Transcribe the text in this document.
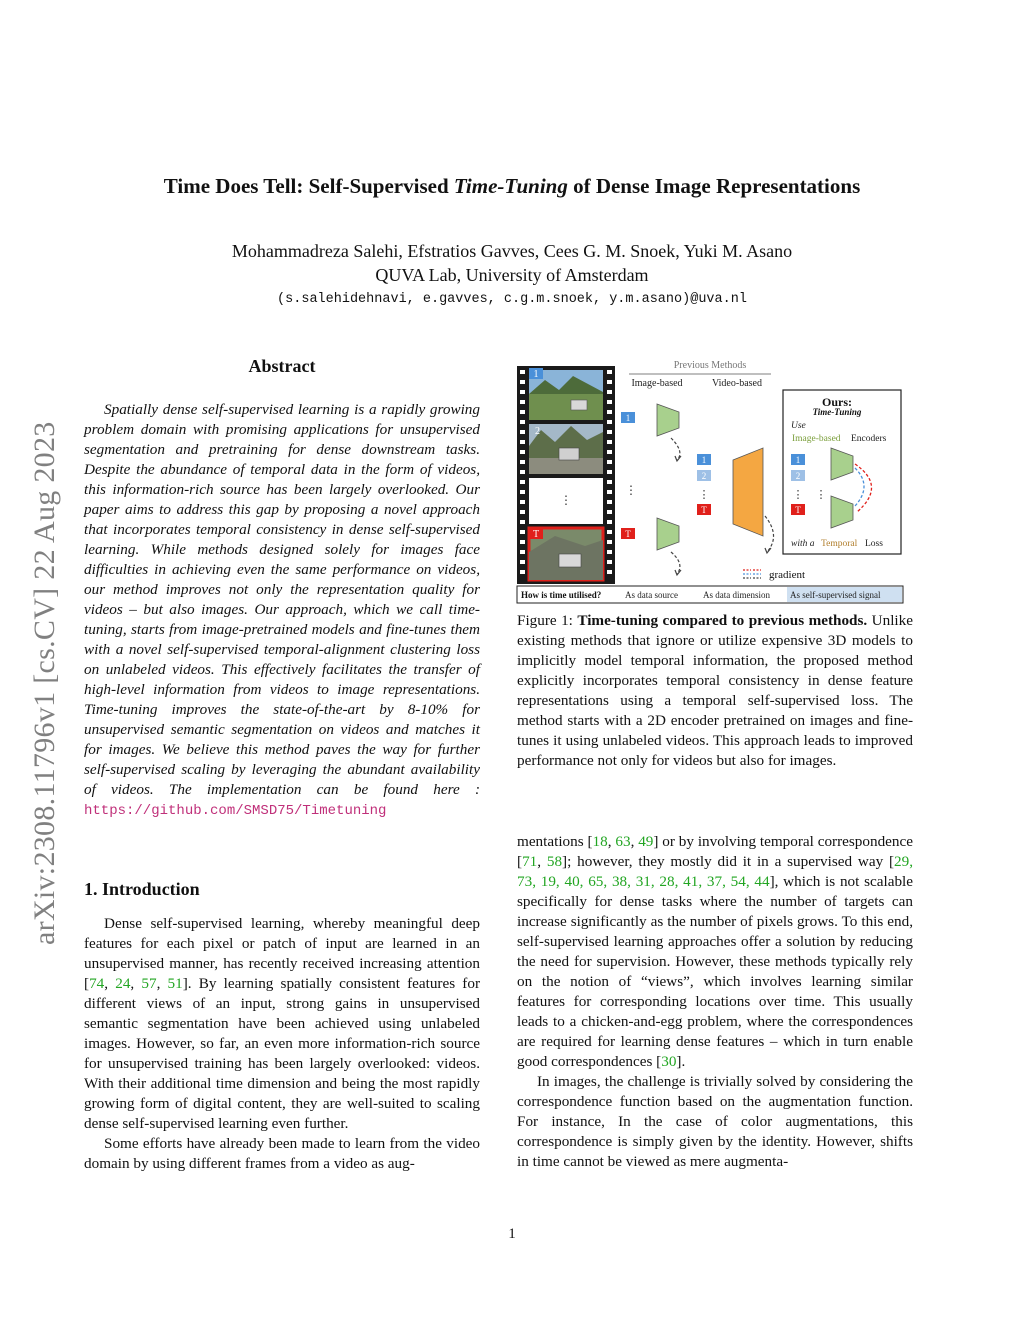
Time Does Tell: Self-Supervised Time-Tuning of Dense Image Representations
Mohammadreza Salehi, Efstratios Gavves, Cees G. M. Snoek, Yuki M. Asano
QUVA Lab, University of Amsterdam
(s.salehidehnavi, e.gavves, c.g.m.snoek, y.m.asano)@uva.nl
arXiv:2308.11796v1 [cs.CV] 22 Aug 2023
Abstract
Spatially dense self-supervised learning is a rapidly growing problem domain with promising applications for unsupervised segmentation and pretraining for dense downstream tasks. Despite the abundance of temporal data in the form of videos, this information-rich source has been largely overlooked. Our paper aims to address this gap by proposing a novel approach that incorporates temporal consistency in dense self-supervised learning. While methods designed solely for images face difficulties in achieving even the same performance on videos, our method improves not only the representation quality for videos – but also images. Our approach, which we call time-tuning, starts from image-pretrained models and fine-tunes them with a novel self-supervised temporal-alignment clustering loss on unlabeled videos. This effectively facilitates the transfer of high-level information from videos to image representations. Time-tuning improves the state-of-the-art by 8-10% for unsupervised semantic segmentation on videos and matches it for images. We believe this method paves the way for further self-supervised scaling by leveraging the abundant availability of videos. The implementation can be found here : https://github.com/SMSD75/Timetuning
1. Introduction

Dense self-supervised learning, whereby meaningful deep features for each pixel or patch of input are learned in an unsupervised manner, has recently received increasing attention [74, 24, 57, 51]. By learning spatially consistent features for different views of an input, strong gains in unsupervised semantic segmentation have been achieved using unlabeled images. However, so far, an even more information-rich source for unsupervised training has been largely overlooked: videos. With their additional time dimension and being the most rapidly growing form of digital content, they are well-suited to scaling dense self-supervised learning even further.

Some efforts have already been made to learn from the video domain by using different frames from a video as aug-

1
2
⋮
T
Previous Methods
Image-based	Video-based
1
⋮
T
1
2
⋮
T
Ours:
Time-Tuning
Use
Image-based Encoders
1
2
⋮ ⋮
T
with a Temporal Loss
gradient
How is time utilised?	As data source	As data dimension As self-supervised signal
Figure 1: Time-tuning compared to previous methods. Unlike existing methods that ignore or utilize expensive 3D models to implicitly model temporal information, the proposed method explicitly incorporates temporal consistency in dense feature representations using a temporal self-supervised loss. The method starts with a 2D encoder pretrained on images and fine-tunes it using unlabeled videos. This approach leads to improved performance not only for videos but also for images.

mentations [18, 63, 49] or by involving temporal correspondence [71, 58]; however, they mostly did it in a supervised way [29, 73, 19, 40, 65, 38, 31, 28, 41, 37, 54, 44], which is not scalable specifically for dense tasks where the number of targets can increase significantly as the number of pixels grows. To this end, self-supervised learning approaches offer a solution by reducing the need for supervision. However, these methods typically rely on the notion of “views”, which involves learning similar features for corresponding locations over time. This usually leads to a chicken-and-egg problem, where the correspondences are required for learning dense features – which in turn enable good correspondences [30].

In images, the challenge is trivially solved by considering the correspondence function based on the augmentation function. For instance, In the case of color augmentations, this correspondence is simply given by the identity. However, shifts in time cannot be viewed as mere augmenta-

1
